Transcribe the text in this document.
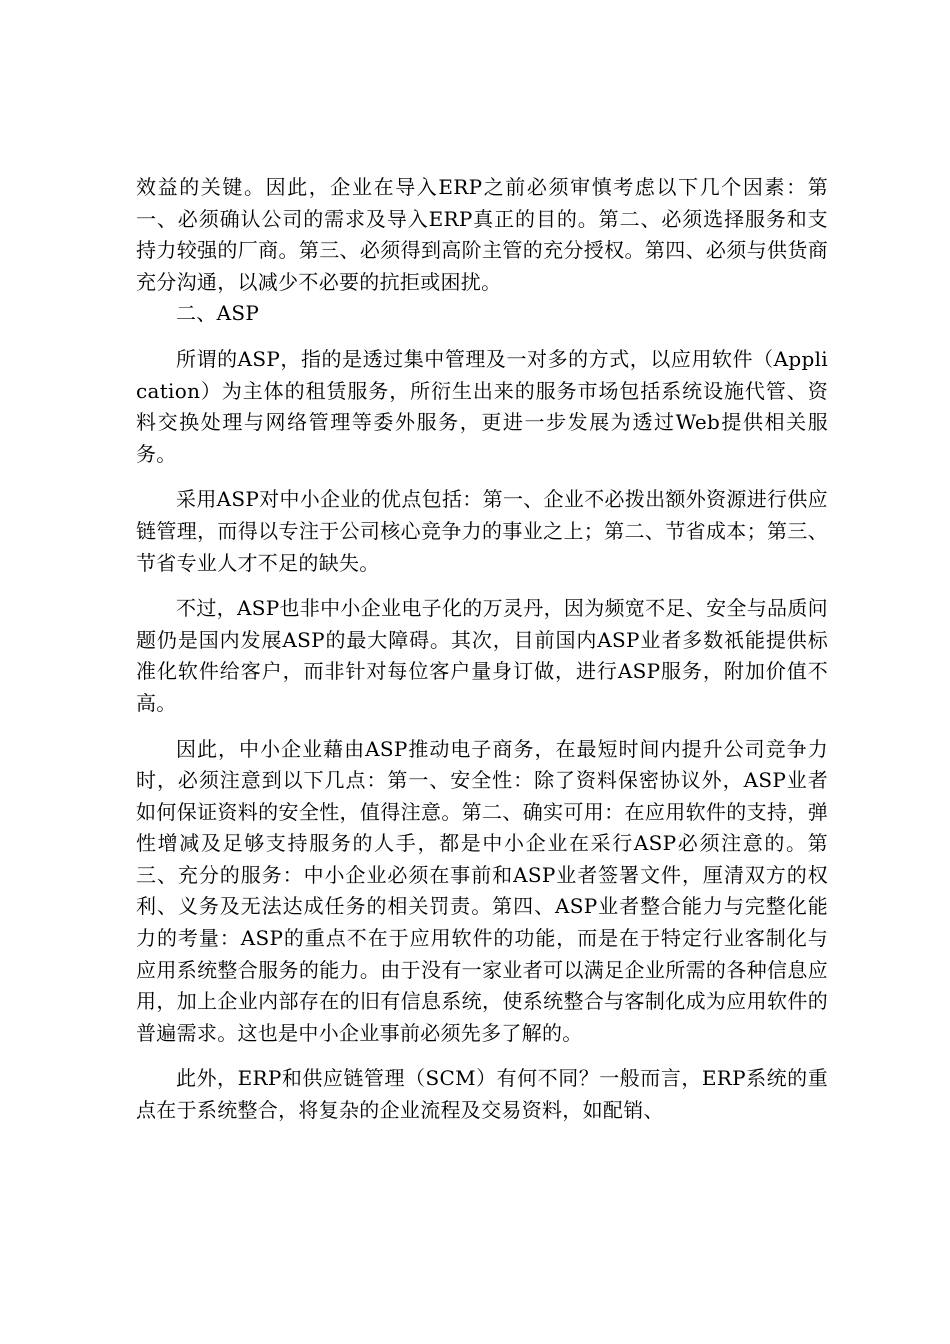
效益的关键。因此，企业在导入ERP之前必须审慎考虑以下几个因素：第一、必须确认公司的需求及导入ERP真正的目的。第二、必须选择服务和支持力较强的厂商。第三、必须得到高阶主管的充分授权。第四、必须与供货商充分沟通，以减少不必要的抗拒或困扰。

二、ASP

所谓的ASP，指的是透过集中管理及一对多的方式，以应用软件（Application）为主体的租赁服务，所衍生出来的服务市场包括系统设施代管、资料交换处理与网络管理等委外服务，更进一步发展为透过Web提供相关服务。

采用ASP对中小企业的优点包括：第一、企业不必拨出额外资源进行供应链管理，而得以专注于公司核心竞争力的事业之上；第二、节省成本；第三、节省专业人才不足的缺失。

不过，ASP也非中小企业电子化的万灵丹，因为频宽不足、安全与品质问题仍是国内发展ASP的最大障碍。其次，目前国内ASP业者多数祇能提供标准化软件给客户，而非针对每位客户量身订做，进行ASP服务，附加价值不高。

因此，中小企业藉由ASP推动电子商务，在最短时间内提升公司竞争力时，必须注意到以下几点：第一、安全性：除了资料保密协议外，ASP业者如何保证资料的安全性，值得注意。第二、确实可用：在应用软件的支持，弹性增减及足够支持服务的人手，都是中小企业在采行ASP必须注意的。第三、充分的服务：中小企业必须在事前和ASP业者签署文件，厘清双方的权利、义务及无法达成任务的相关罚责。第四、ASP业者整合能力与完整化能力的考量：ASP的重点不在于应用软件的功能，而是在于特定行业客制化与应用系统整合服务的能力。由于没有一家业者可以满足企业所需的各种信息应用，加上企业内部存在的旧有信息系统，使系统整合与客制化成为应用软件的普遍需求。这也是中小企业事前必须先多了解的。

此外，ERP和供应链管理（SCM）有何不同？一般而言，ERP系统的重点在于系统整合，将复杂的企业流程及交易资料，如配销、
